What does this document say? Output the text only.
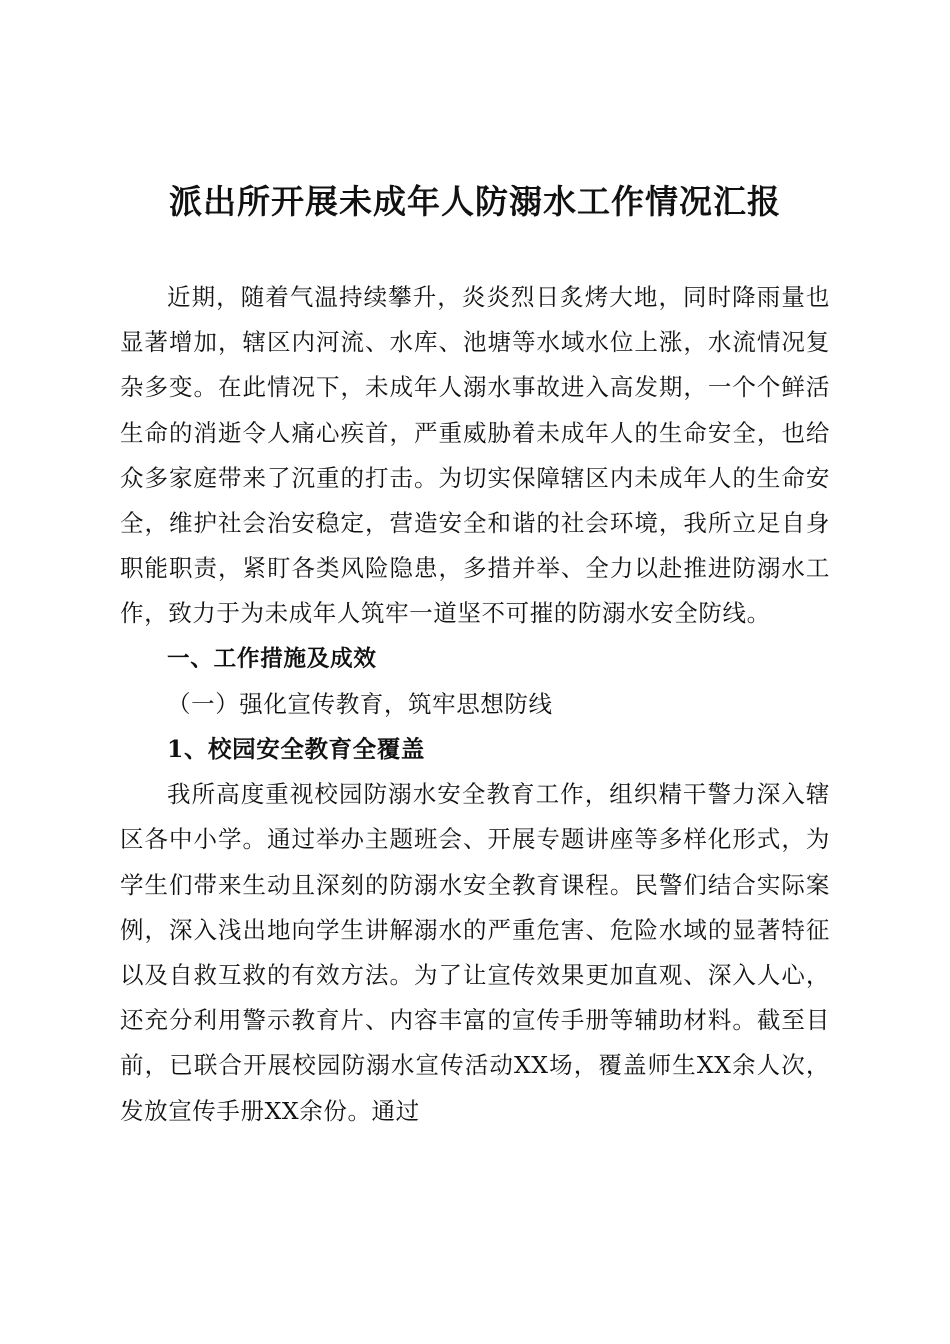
派出所开展未成年人防溺水工作情况汇报

近期，随着气温持续攀升，炎炎烈日炙烤大地，同时降雨量也显著增加，辖区内河流、水库、池塘等水域水位上涨，水流情况复杂多变。在此情况下，未成年人溺水事故进入高发期，一个个鲜活生命的消逝令人痛心疾首，严重威胁着未成年人的生命安全，也给众多家庭带来了沉重的打击。为切实保障辖区内未成年人的生命安全，维护社会治安稳定，营造安全和谐的社会环境，我所立足自身职能职责，紧盯各类风险隐患，多措并举、全力以赴推进防溺水工作，致力于为未成年人筑牢一道坚不可摧的防溺水安全防线。

一、工作措施及成效

（一）强化宣传教育，筑牢思想防线

1、校园安全教育全覆盖

我所高度重视校园防溺水安全教育工作，组织精干警力深入辖区各中小学。通过举办主题班会、开展专题讲座等多样化形式，为学生们带来生动且深刻的防溺水安全教育课程。民警们结合实际案例，深入浅出地向学生讲解溺水的严重危害、危险水域的显著特征以及自救互救的有效方法。为了让宣传效果更加直观、深入人心，还充分利用警示教育片、内容丰富的宣传手册等辅助材料。截至目前，已联合开展校园防溺水宣传活动XX场，覆盖师生XX余人次，发放宣传手册XX余份。通过
